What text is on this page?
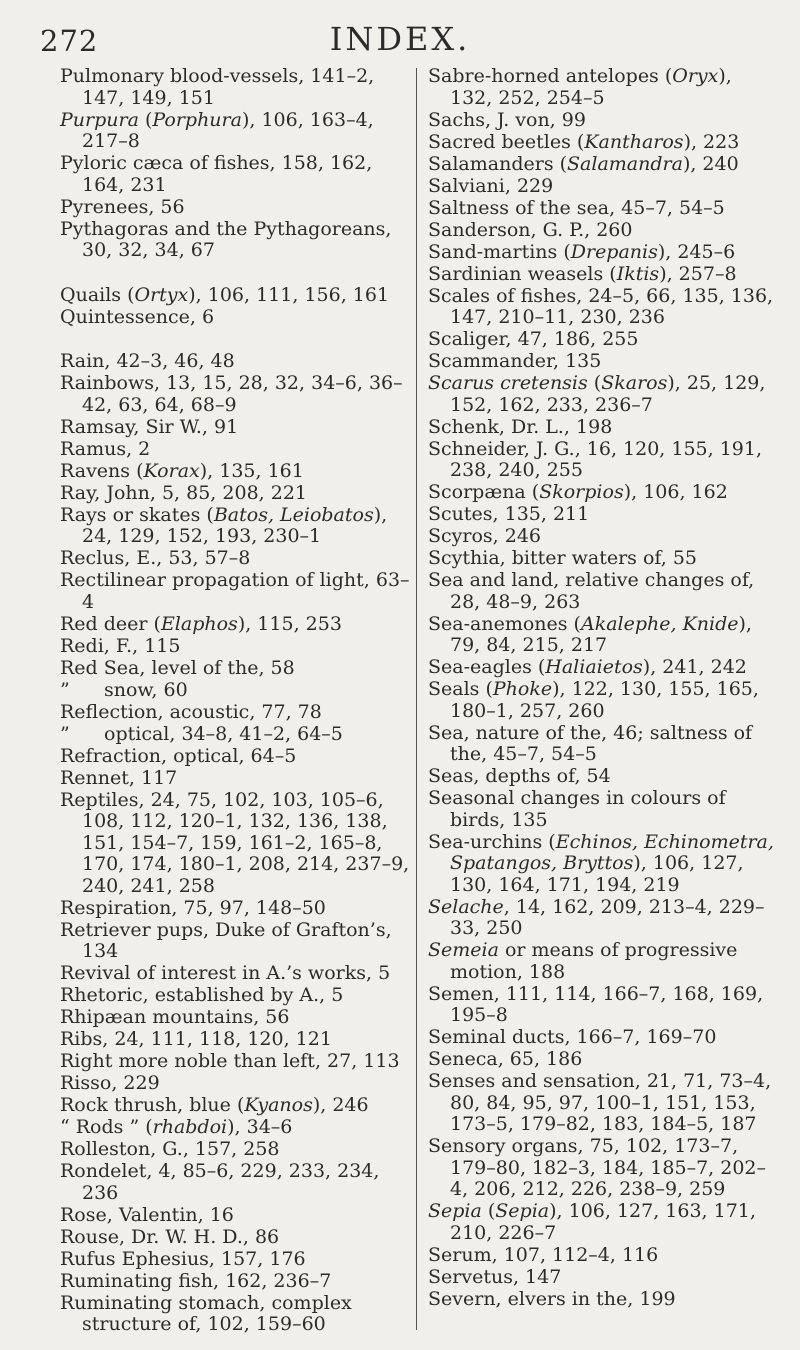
272	INDEX.

Pulmonary blood-vessels, 141–2, 147, 149, 151

Purpura (Porphura), 106, 163–4, 217–8

Pyloric cæca of fishes, 158, 162, 164, 231

Pyrenees, 56

Pythagoras and the Pythagoreans, 30, 32, 34, 67

Quails (Ortyx), 106, 111, 156, 161

Quintessence, 6

Rain, 42–3, 46, 48

Rainbows, 13, 15, 28, 32, 34–6, 36–42, 63, 64, 68–9

Ramsay, Sir W., 91

Ramus, 2

Ravens (Korax), 135, 161

Ray, John, 5, 85, 208, 221

Rays or skates (Batos, Leiobatos), 24, 129, 152, 193, 230–1

Reclus, E., 53, 57–8

Rectilinear propagation of light, 63–4

Red deer (Elaphos), 115, 253

Redi, F., 115

Red Sea, level of the, 58

” snow, 60

Reflection, acoustic, 77, 78

” optical, 34–8, 41–2, 64–5

Refraction, optical, 64–5

Rennet, 117

Reptiles, 24, 75, 102, 103, 105–6, 108, 112, 120–1, 132, 136, 138, 151, 154–7, 159, 161–2, 165–8, 170, 174, 180–1, 208, 214, 237–9, 240, 241, 258

Respiration, 75, 97, 148–50

Retriever pups, Duke of Grafton’s, 134

Revival of interest in A.’s works, 5

Rhetoric, established by A., 5

Rhipæan mountains, 56

Ribs, 24, 111, 118, 120, 121

Right more noble than left, 27, 113

Risso, 229

Rock thrush, blue (Kyanos), 246

“ Rods ” (rhabdoi), 34–6

Rolleston, G., 157, 258

Rondelet, 4, 85–6, 229, 233, 234, 236

Rose, Valentin, 16

Rouse, Dr. W. H. D., 86

Rufus Ephesius, 157, 176

Ruminating fish, 162, 236–7

Ruminating stomach, complex structure of, 102, 159–60

Sabre-horned antelopes (Oryx), 132, 252, 254–5

Sachs, J. von, 99

Sacred beetles (Kantharos), 223

Salamanders (Salamandra), 240

Salviani, 229

Saltness of the sea, 45–7, 54–5

Sanderson, G. P., 260

Sand-martins (Drepanis), 245–6

Sardinian weasels (Iktis), 257–8

Scales of fishes, 24–5, 66, 135, 136, 147, 210–11, 230, 236

Scaliger, 47, 186, 255

Scammander, 135

Scarus cretensis (Skaros), 25, 129, 152, 162, 233, 236–7

Schenk, Dr. L., 198

Schneider, J. G., 16, 120, 155, 191, 238, 240, 255

Scorpæna (Skorpios), 106, 162

Scutes, 135, 211

Scyros, 246

Scythia, bitter waters of, 55

Sea and land, relative changes of, 28, 48–9, 263

Sea-anemones (Akalephe, Knide), 79, 84, 215, 217

Sea-eagles (Haliaietos), 241, 242

Seals (Phoke), 122, 130, 155, 165, 180–1, 257, 260

Sea, nature of the, 46; saltness of the, 45–7, 54–5

Seas, depths of, 54

Seasonal changes in colours of birds, 135

Sea-urchins (Echinos, Echinometra, Spatangos, Bryttos), 106, 127, 130, 164, 171, 194, 219

Selache, 14, 162, 209, 213–4, 229–33, 250

Semeia or means of progressive motion, 188

Semen, 111, 114, 166–7, 168, 169, 195–8

Seminal ducts, 166–7, 169–70

Seneca, 65, 186

Senses and sensation, 21, 71, 73–4, 80, 84, 95, 97, 100–1, 151, 153, 173–5, 179–82, 183, 184–5, 187

Sensory organs, 75, 102, 173–7, 179–80, 182–3, 184, 185–7, 202–4, 206, 212, 226, 238–9, 259

Sepia (Sepia), 106, 127, 163, 171, 210, 226–7

Serum, 107, 112–4, 116

Servetus, 147

Severn, elvers in the, 199
